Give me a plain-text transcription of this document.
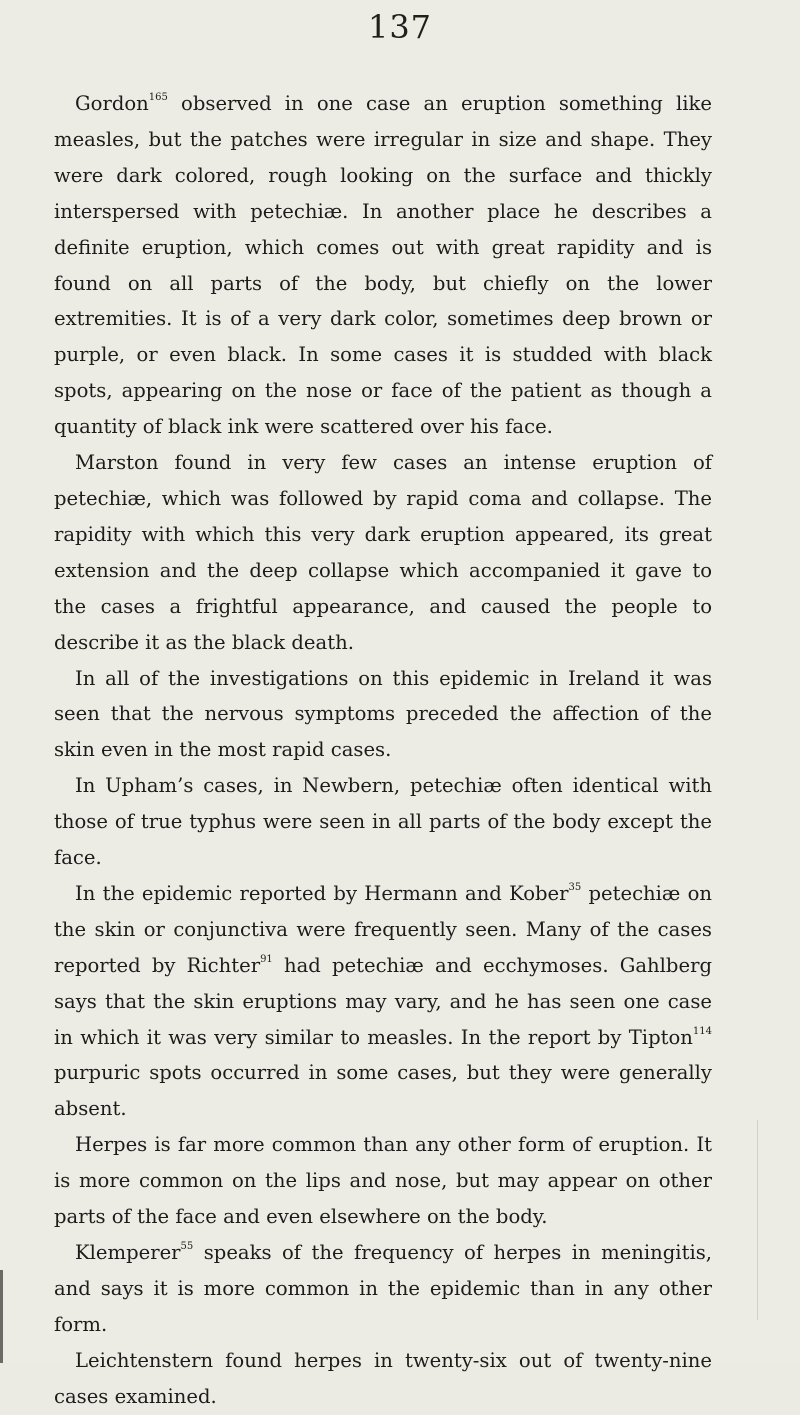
137

Gordon$^{165}$ observed in one case an eruption something like measles, but the patches were irregular in size and shape. They were dark colored, rough looking on the surface and thickly interspersed with petechiæ. In another place he describes a definite eruption, which comes out with great rapidity and is found on all parts of the body, but chiefly on the lower extremities. It is of a very dark color, sometimes deep brown or purple, or even black. In some cases it is studded with black spots, appearing on the nose or face of the patient as though a quantity of black ink were scattered over his face.

Marston found in very few cases an intense eruption of petechiæ, which was followed by rapid coma and collapse. The rapidity with which this very dark eruption appeared, its great extension and the deep collapse which accompanied it gave to the cases a frightful appearance, and caused the people to describe it as the black death.

In all of the investigations on this epidemic in Ireland it was seen that the nervous symptoms preceded the affection of the skin even in the most rapid cases.

In Upham’s cases, in Newbern, petechiæ often identical with those of true typhus were seen in all parts of the body except the face.

In the epidemic reported by Hermann and Kober$^{35}$ petechiæ on the skin or conjunctiva were frequently seen. Many of the cases reported by Richter$^{91}$ had petechiæ and ecchymoses. Gahlberg says that the skin eruptions may vary, and he has seen one case in which it was very similar to measles. In the report by Tipton$^{114}$ purpuric spots occurred in some cases, but they were generally absent.

Herpes is far more common than any other form of eruption. It is more common on the lips and nose, but may appear on other parts of the face and even elsewhere on the body.

Klemperer$^{55}$ speaks of the frequency of herpes in meningitis, and says it is more common in the epidemic than in any other form.

Leichtenstern found herpes in twenty-six out of twenty-nine cases examined.
